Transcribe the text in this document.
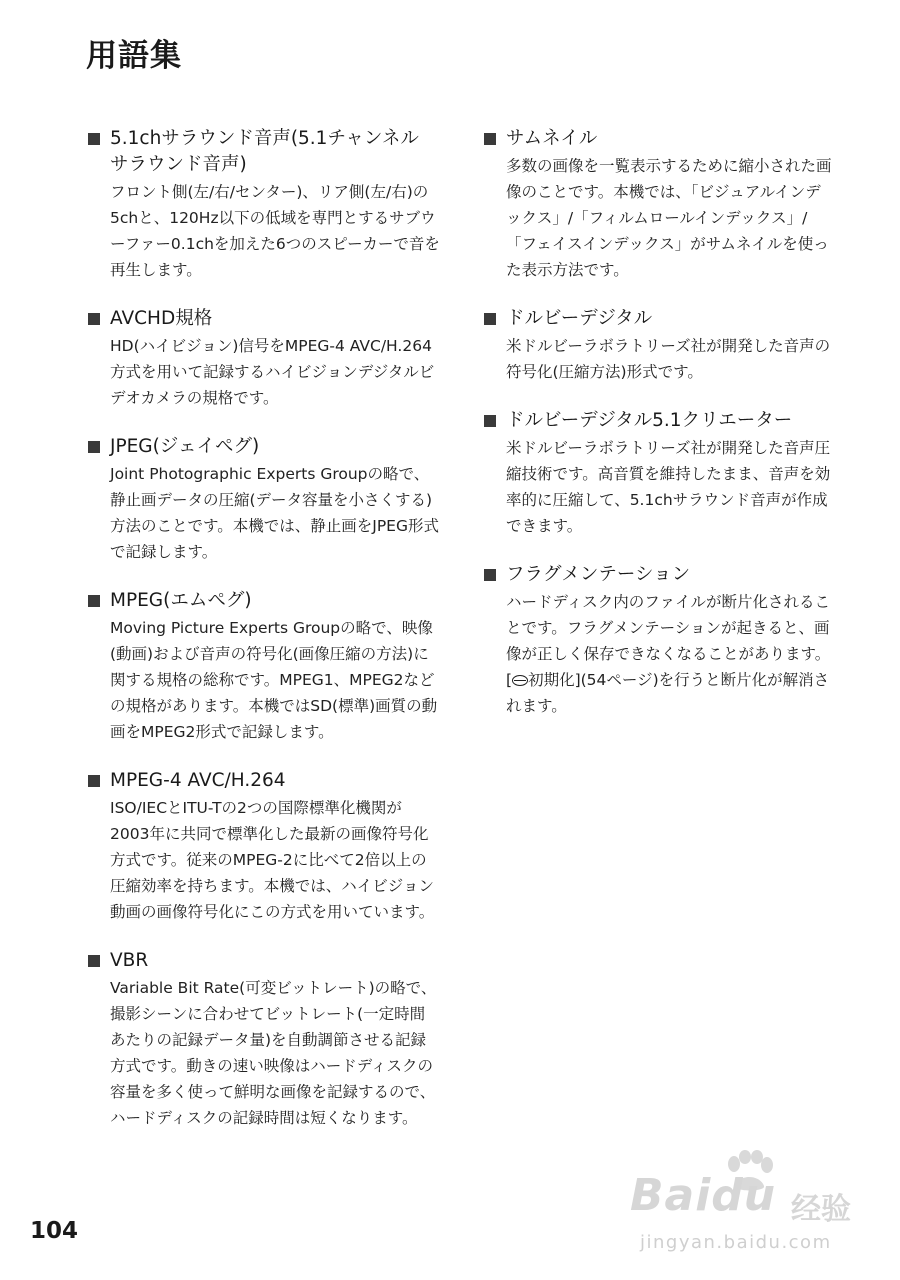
用語集
5.1chサラウンド音声(5.1チャンネル　サラウンド音声)
フロント側(左/右/センター)、リア側(左/右)の5chと、120Hz以下の低域を専門とするサブウーファー0.1chを加えた6つのスピーカーで音を再生します。
AVCHD規格
HD(ハイビジョン)信号をMPEG-4 AVC/H.264方式を用いて記録するハイビジョンデジタルビデオカメラの規格です。
JPEG(ジェイペグ)
Joint Photographic Experts Groupの略で、静止画データの圧縮(データ容量を小さくする)方法のことです。本機では、静止画をJPEG形式で記録します。
MPEG(エムペグ)
Moving Picture Experts Groupの略で、映像(動画)および音声の符号化(画像圧縮の方法)に関する規格の総称です。MPEG1、MPEG2などの規格があります。本機ではSD(標準)画質の動画をMPEG2形式で記録します。
MPEG-4 AVC/H.264
ISO/IECとITU-Tの2つの国際標準化機関が2003年に共同で標準化した最新の画像符号化方式です。従来のMPEG-2に比べて2倍以上の圧縮効率を持ちます。本機では、ハイビジョン動画の画像符号化にこの方式を用いています。
VBR
Variable Bit Rate(可変ビットレート)の略で、撮影シーンに合わせてビットレート(一定時間あたりの記録データ量)を自動調節させる記録方式です。動きの速い映像はハードディスクの容量を多く使って鮮明な画像を記録するので、ハードディスクの記録時間は短くなります。
サムネイル
多数の画像を一覧表示するために縮小された画像のことです。本機では、「ビジュアルインデックス」/「フィルムロールインデックス」/「フェイスインデックス」がサムネイルを使った表示方法です。
ドルビーデジタル
米ドルビーラボラトリーズ社が開発した音声の符号化(圧縮方法)形式です。
ドルビーデジタル5.1クリエーター
米ドルビーラボラトリーズ社が開発した音声圧縮技術です。高音質を維持したまま、音声を効率的に圧縮して、5.1chサラウンド音声が作成できます。
フラグメンテーション
ハードディスク内のファイルが断片化されることです。フラグメンテーションが起きると、画像が正しく保存できなくなることがあります。[ 初期化](54ページ)を行うと断片化が解消されます。
104
Baidu 经验
jingyan.baidu.com
